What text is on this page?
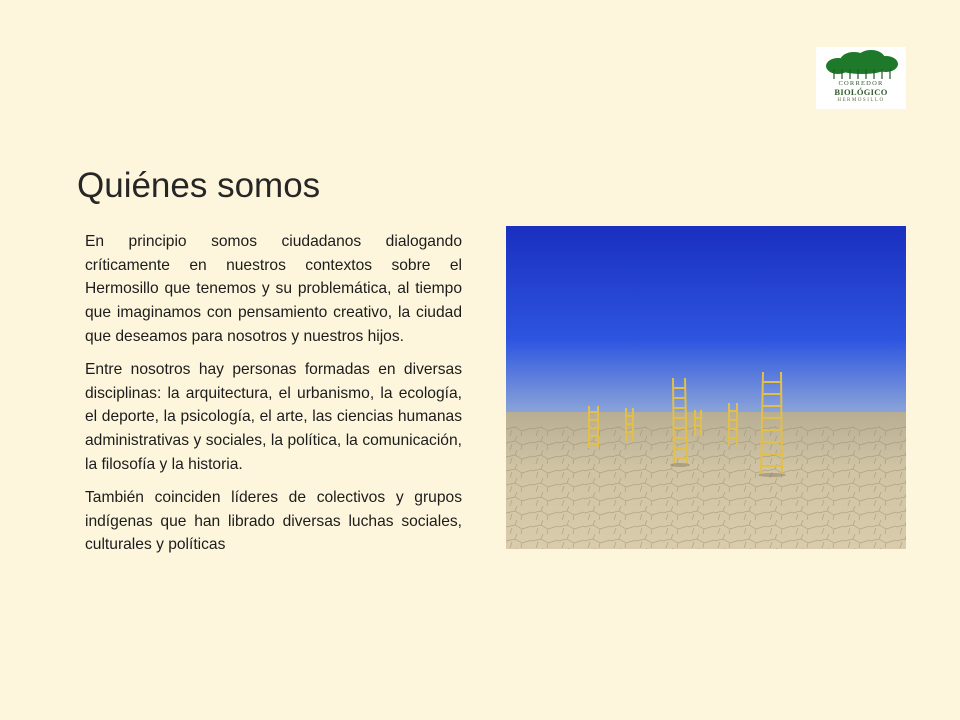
CORREDOR
BIOLÓGICO
HERMOSILLO
Quiénes somos

En principio somos ciudadanos dialogando críticamente en nuestros contextos sobre el Hermosillo que tenemos y su problemática, al tiempo que imaginamos con pensamiento creativo, la ciudad que deseamos para nosotros y nuestros hijos.

Entre nosotros hay personas formadas en diversas disciplinas: la arquitectura, el urbanismo, la ecología, el deporte, la psicología, el arte, las ciencias humanas administrativas y sociales, la política, la comunicación, la filosofía y la historia.

También coinciden líderes de colectivos y grupos indígenas que han librado diversas luchas sociales, culturales y políticas
